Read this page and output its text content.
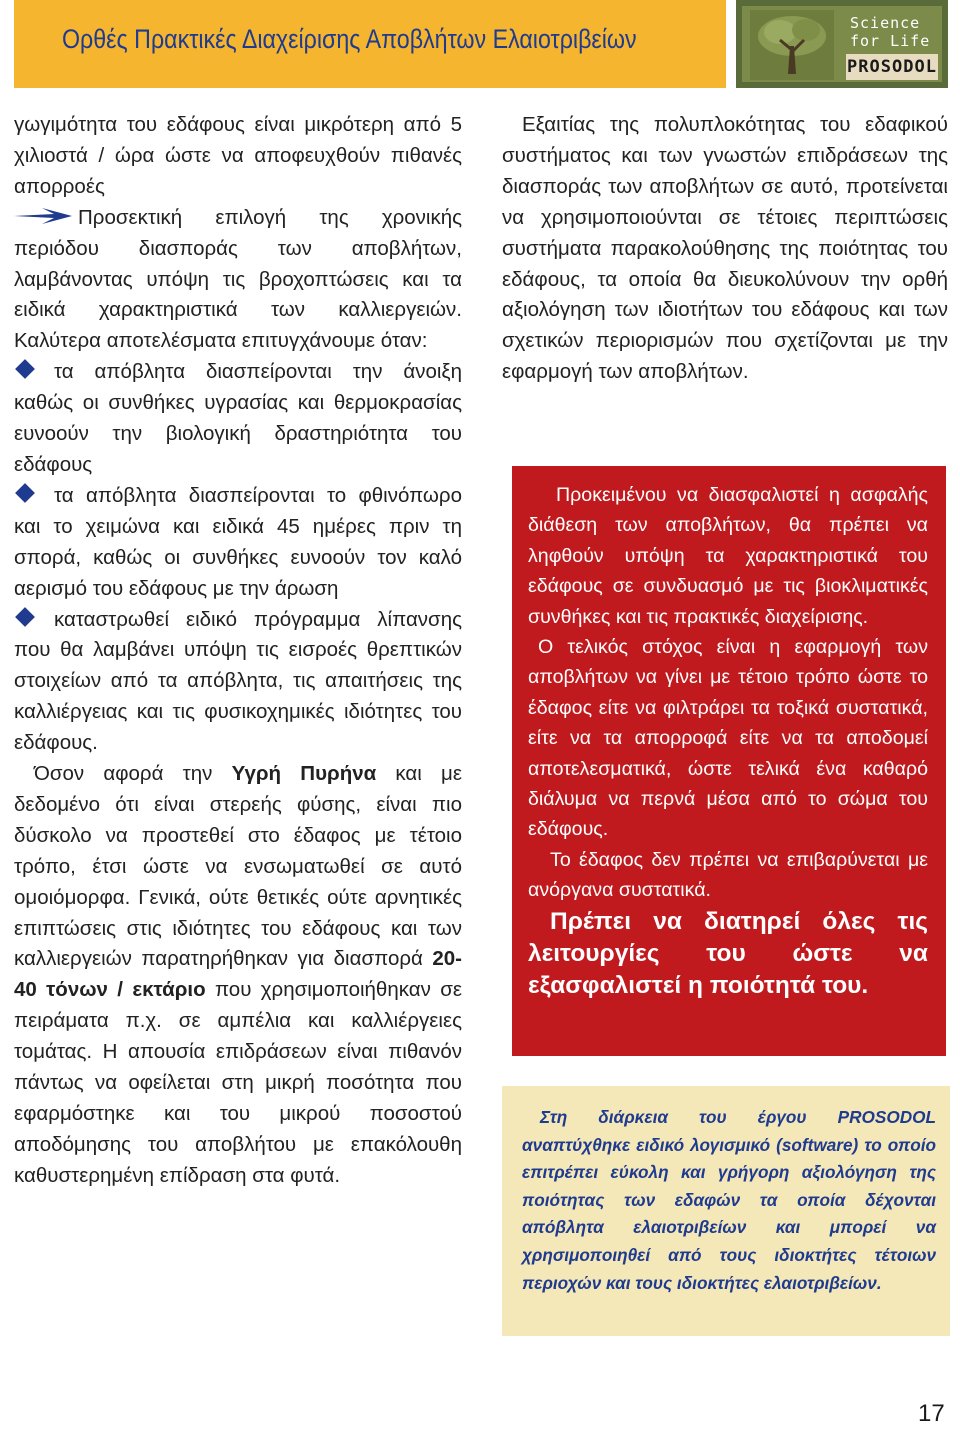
Ορθές Πρακτικές Διαχείρισης Αποβλήτων Ελαιοτριβείων
Science
for Life
PROSODOL

γωγιμότητα του εδάφους είναι μικρότερη από 5 χιλιοστά / ώρα ώστε να αποφευχθούν πιθανές απορροές

Προσεκτική επιλογή της χρονικής περιόδου διασποράς των αποβλήτων, λαμβάνοντας υπόψη τις βροχοπτώσεις και τα ειδικά χαρακτηριστικά των καλλιεργειών. Καλύτερα αποτελέσματα επιτυγχάνουμε όταν:

τα απόβλητα διασπείρονται την άνοιξη καθώς οι συνθήκες υγρασίας και θερμοκρασίας ευνοούν την βιολογική δραστηριότητα του εδάφους

τα απόβλητα διασπείρονται το φθινόπωρο και το χειμώνα και ειδικά 45 ημέρες πριν τη σπορά, καθώς οι συνθήκες ευνοούν τον καλό αερισμό του εδάφους με την άρωση

καταστρωθεί ειδικό πρόγραμμα λίπανσης που θα λαμβάνει υπόψη τις εισροές θρεπτικών στοιχείων από τα απόβλητα, τις απαιτήσεις της καλλιέργειας και τις φυσικοχημικές ιδιότητες του εδάφους.

Όσον αφορά την Υγρή Πυρήνα και με δεδομένο ότι είναι στερεής φύσης, είναι πιο δύσκολο να προστεθεί στο έδαφος με τέτοιο τρόπο, έτσι ώστε να ενσωματωθεί σε αυτό ομοιόμορφα. Γενικά, ούτε θετικές ούτε αρνητικές επιπτώσεις στις ιδιότητες του εδάφους και των καλλιεργειών παρατηρήθηκαν για διασπορά 20-40 τόνων / εκτάριο που χρησιμοποιήθηκαν σε πειράματα π.χ. σε αμπέλια και καλλιέργειες τομάτας. Η απουσία επιδράσεων είναι πιθανόν πάντως να οφείλεται στη μικρή ποσότητα που εφαρμόστηκε και του μικρού ποσοστού αποδόμησης του αποβλήτου με επακόλουθη καθυστερημένη επίδραση στα φυτά.

Εξαιτίας της πολυπλοκότητας του εδαφικού συστήματος και των γνωστών επιδράσεων της διασποράς των αποβλήτων σε αυτό, προτείνεται να χρησιμοποιούνται σε τέτοιες περιπτώσεις συστήματα παρακολούθησης της ποιότητας του εδάφους, τα οποία θα διευκολύνουν την ορθή αξιολόγηση των ιδιοτήτων του εδάφους και των σχετικών περιορισμών που σχετίζονται με την εφαρμογή των αποβλήτων.

Προκειμένου να διασφαλιστεί η ασφαλής διάθεση των αποβλήτων, θα πρέπει να ληφθούν υπόψη τα χαρακτηριστικά του εδάφους σε συνδυασμό με τις βιοκλιματικές συνθήκες και τις πρακτικές διαχείρισης.

Ο τελικός στόχος είναι η εφαρμογή των αποβλήτων να γίνει με τέτοιο τρόπο ώστε το έδαφος είτε να φιλτράρει τα τοξικά συστατικά, είτε να τα απορροφά είτε να τα αποδομεί αποτελεσματικά, ώστε τελικά ένα καθαρό διάλυμα να περνά μέσα από το σώμα του εδάφους.

Το έδαφος δεν πρέπει να επιβαρύνεται με ανόργανα συστατικά.

Πρέπει να διατηρεί όλες τις λειτουργίες του ώστε να εξασφαλιστεί η ποιότητά του.

Στη διάρκεια του έργου PROSODOL αναπτύχθηκε ειδικό λογισμικό (software) το οποίο επιτρέπει εύκολη και γρήγορη αξιολόγηση της ποιότητας των εδαφών τα οποία δέχονται απόβλητα ελαιοτριβείων και μπορεί να χρησιμοποιηθεί από τους ιδιοκτήτες τέτοιων περιοχών και τους ιδιοκτήτες ελαιοτριβείων.

17
